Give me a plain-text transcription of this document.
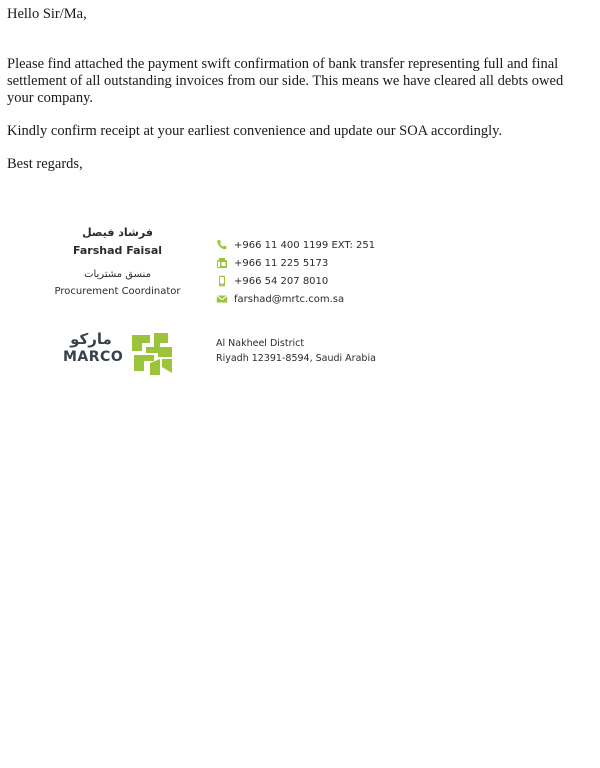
Hello Sir/Ma,

Please find attached the payment swift confirmation of bank transfer representing full and final settlement of all outstanding invoices from our side. This means we have cleared all debts owed your company.

Kindly confirm receipt at your earliest convenience and update our SOA accordingly.

Best regards,

فرشاد فيصل
Farshad Faisal
منسق مشتريات
Procurement Coordinator
+966 11 400 1199 EXT: 251
+966 11 225 5173
+966 54 207 8010
farshad@mrtc.com.sa
ماركو
MARCO
Al Nakheel District
Riyadh 12391-8594, Saudi Arabia
